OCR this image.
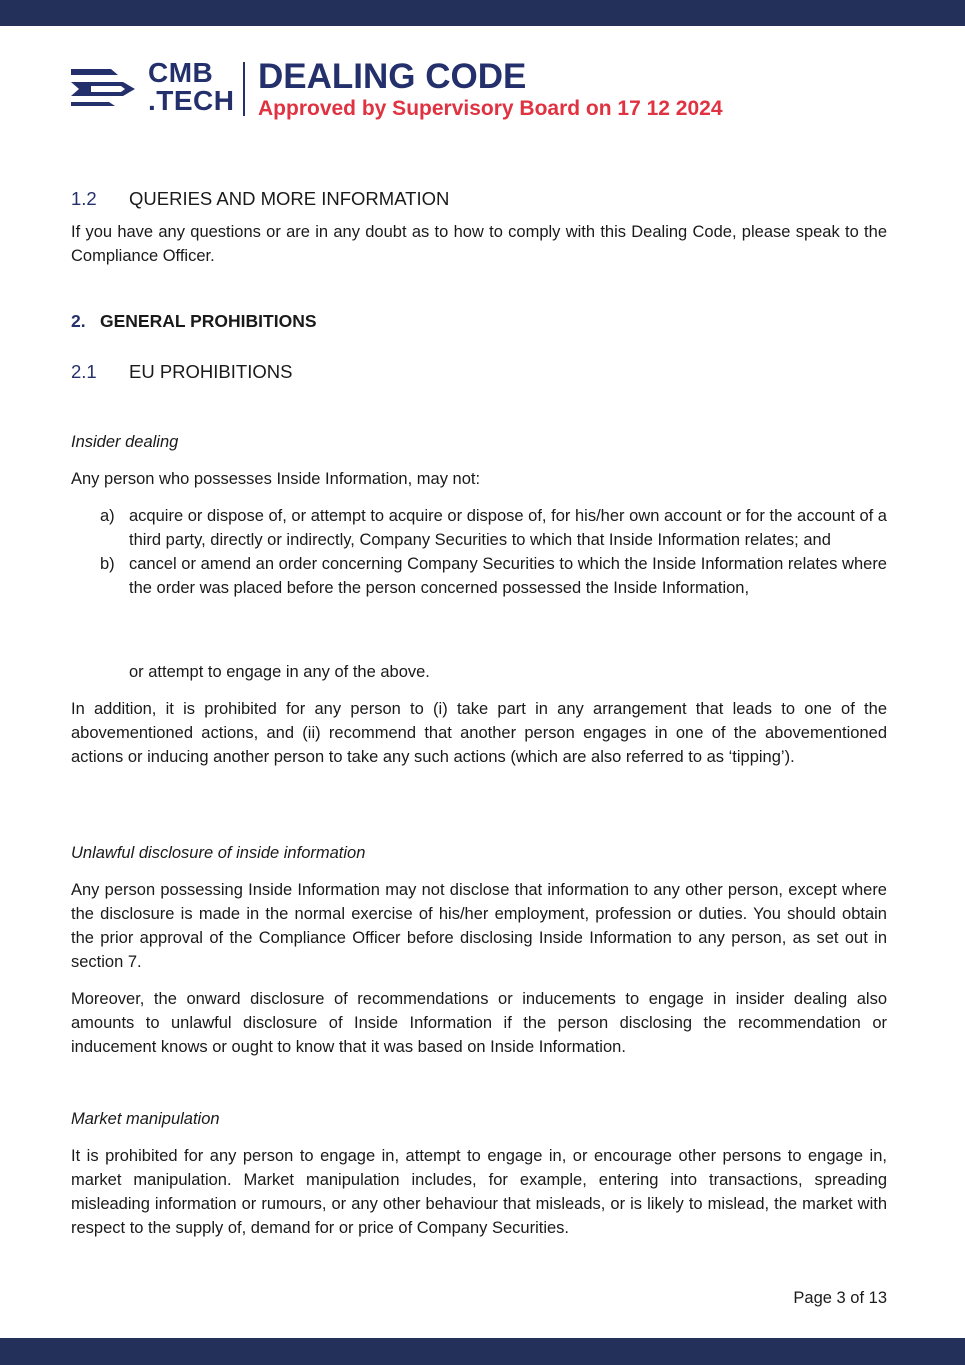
CMB
.TECH
DEALING CODE
Approved by Supervisory Board on 17 12 2024
1.2 QUERIES AND MORE INFORMATION

If you have any questions or are in any doubt as to how to comply with this Dealing Code, please speak to the Compliance Officer.

2. GENERAL PROHIBITIONS
2.1 EU PROHIBITIONS
Insider dealing

Any person who possesses Inside Information, may not:

a) acquire or dispose of, or attempt to acquire or dispose of, for his/her own account or for the account of a third party, directly or indirectly, Company Securities to which that Inside Information relates; and
b) cancel or amend an order concerning Company Securities to which the Inside Information relates where the order was placed before the person concerned possessed the Inside Information,

or attempt to engage in any of the above.

In addition, it is prohibited for any person to (i) take part in any arrangement that leads to one of the abovementioned actions, and (ii) recommend that another person engages in one of the abovementioned actions or inducing another person to take any such actions (which are also referred to as ‘tipping’).

Unlawful disclosure of inside information

Any person possessing Inside Information may not disclose that information to any other person, except where the disclosure is made in the normal exercise of his/her employment, profession or duties. You should obtain the prior approval of the Compliance Officer before disclosing Inside Information to any person, as set out in section 7.

Moreover, the onward disclosure of recommendations or inducements to engage in insider dealing also amounts to unlawful disclosure of Inside Information if the person disclosing the recommendation or inducement knows or ought to know that it was based on Inside Information.

Market manipulation

It is prohibited for any person to engage in, attempt to engage in, or encourage other persons to engage in, market manipulation. Market manipulation includes, for example, entering into transactions, spreading misleading information or rumours, or any other behaviour that misleads, or is likely to mislead, the market with respect to the supply of, demand for or price of Company Securities.

Page 3 of 13
